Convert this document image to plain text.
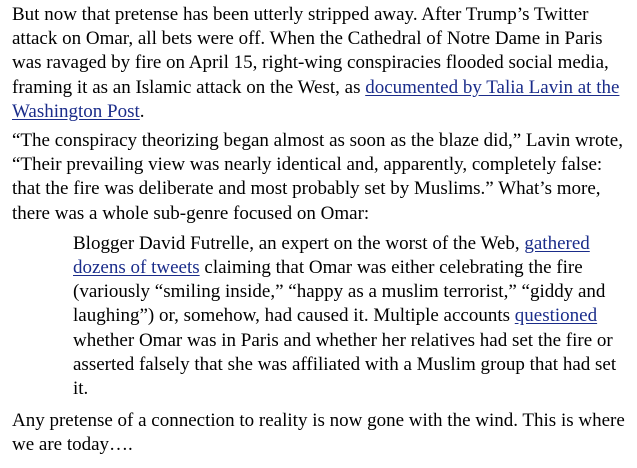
But now that pretense has been utterly stripped away. After Trump’s Twitter attack on Omar, all bets were off. When the Cathedral of Notre Dame in Paris was ravaged by fire on April 15, right-wing conspiracies flooded social media, framing it as an Islamic attack on the West, as documented by Talia Lavin at the Washington Post.

“The conspiracy theorizing began almost as soon as the blaze did,” Lavin wrote, “Their prevailing view was nearly identical and, apparently, completely false: that the fire was deliberate and most probably set by Muslims.” What’s more, there was a whole sub-genre focused on Omar:

Blogger David Futrelle, an expert on the worst of the Web, gathered dozens of tweets claiming that Omar was either celebrating the fire (variously “smiling inside,” “happy as a muslim terrorist,” “giddy and laughing”) or, somehow, had caused it. Multiple accounts questioned whether Omar was in Paris and whether her relatives had set the fire or asserted falsely that she was affiliated with a Muslim group that had set it.

Any pretense of a connection to reality is now gone with the wind. This is where we are today….
